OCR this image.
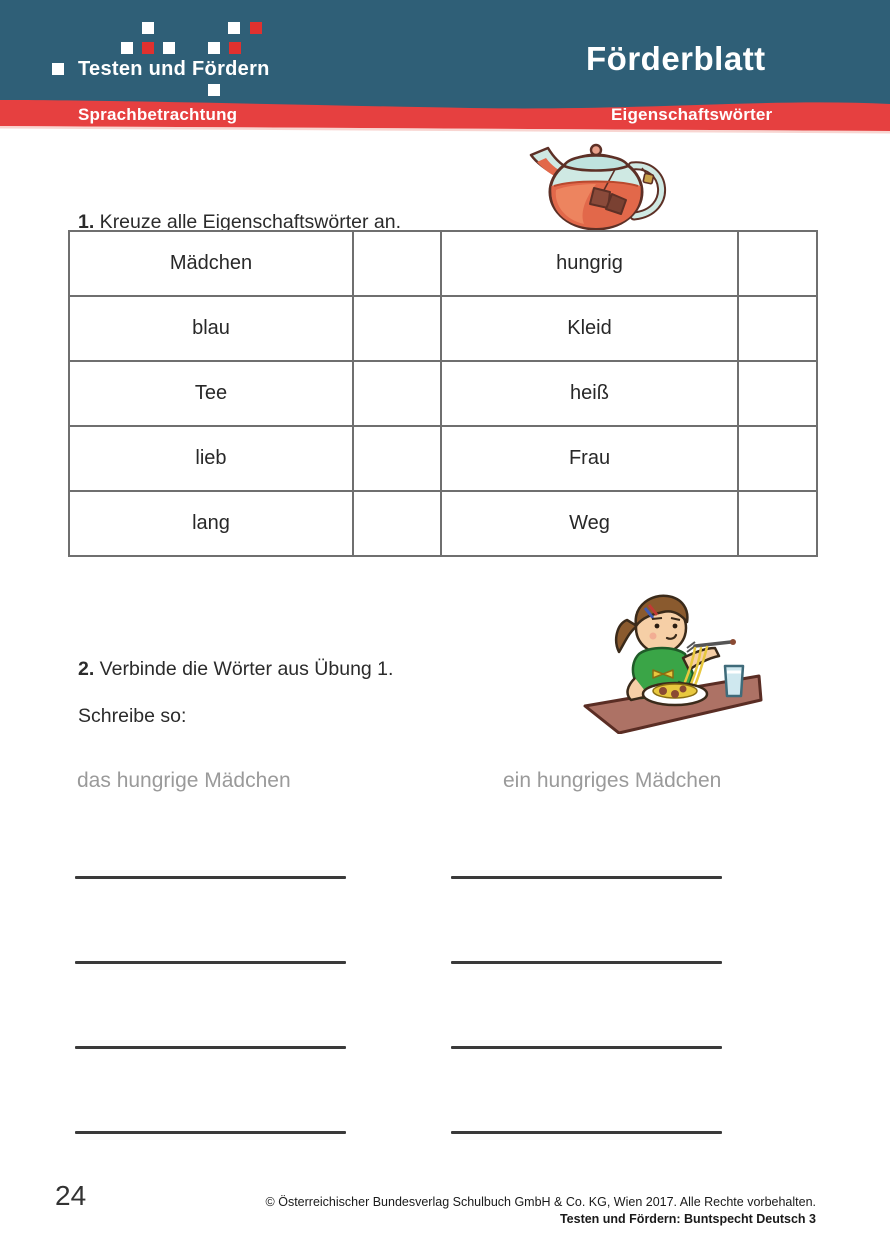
Testen und Fördern	Förderblatt
Sprachbetrachtung	Eigenschaftswörter

1. Kreuze alle Eigenschaftswörter an.

Mädchen		hungrig	
blau		Kleid	
Tee		heiß	
lieb		Frau	
lang		Weg	

2. Verbinde die Wörter aus Übung 1.

Schreibe so:

das hungrige Mädchen	ein hungriges Mädchen
24	© Österreichischer Bundesverlag Schulbuch GmbH & Co. KG, Wien 2017. Alle Rechte vorbehalten.
Testen und Fördern: Buntspecht Deutsch 3
